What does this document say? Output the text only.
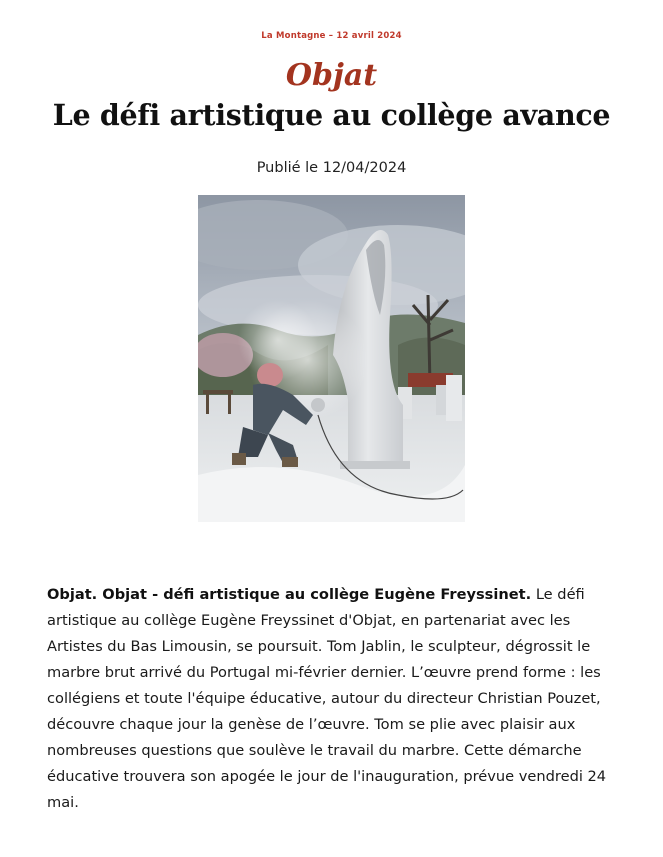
La Montagne – 12 avril 2024
Objat
Le défi artistique au collège avance
Publié le 12/04/2024
Objat. Objat - défi artistique au collège Eugène Freyssinet. Le défi artistique au collège Eugène Freyssinet d'Objat, en partenariat avec les Artistes du Bas Limousin, se poursuit. Tom Jablin, le sculpteur, dégrossit le marbre brut arrivé du Portugal mi-février dernier. L’œuvre prend forme : les collégiens et toute l'équipe éducative, autour du directeur Christian Pouzet, découvre chaque jour la genèse de l’œuvre. Tom se plie avec plaisir aux nombreuses questions que soulève le travail du marbre. Cette démarche éducative trouvera son apogée le jour de l'inauguration, prévue vendredi 24 mai.
